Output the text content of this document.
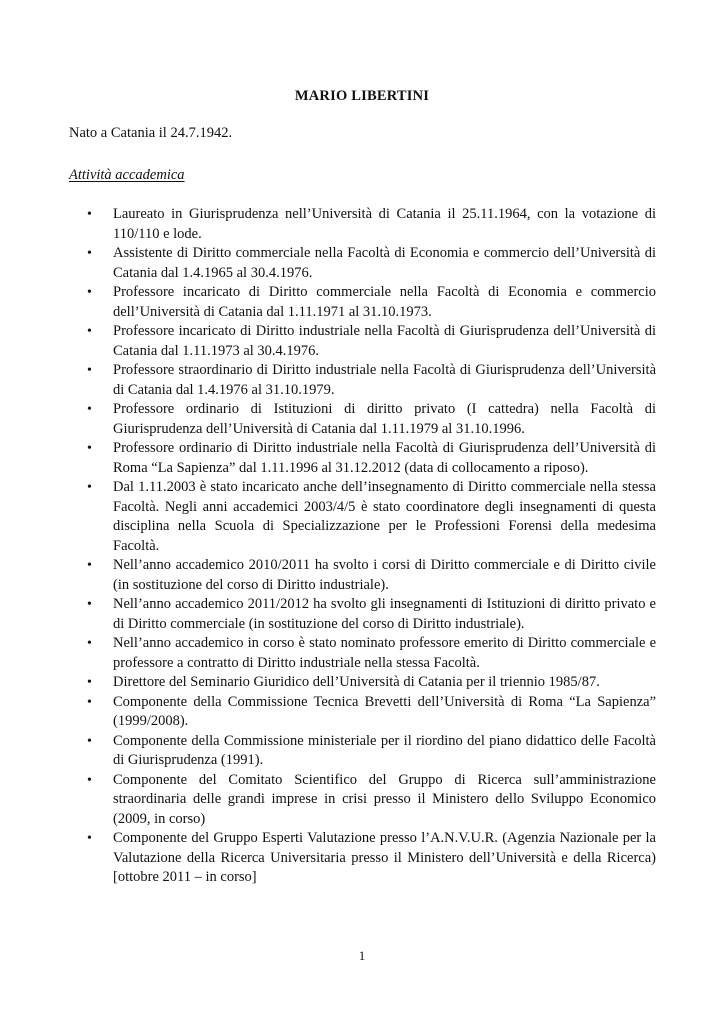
MARIO LIBERTINI
Nato a Catania il 24.7.1942.
Attività accademica
•	Laureato in Giurisprudenza nell’Università di Catania il 25.11.1964, con la votazione di 110/110 e lode.
•	Assistente di Diritto commerciale nella Facoltà di Economia e commercio dell’Università di Catania dal 1.4.1965 al 30.4.1976.
•	Professore incaricato di Diritto commerciale nella Facoltà di Economia e commercio dell’Università di Catania dal 1.11.1971 al 31.10.1973.
•	Professore incaricato di Diritto industriale nella Facoltà di Giurisprudenza dell’Università di Catania dal 1.11.1973 al 30.4.1976.
•	Professore straordinario di Diritto industriale nella Facoltà di Giurisprudenza dell’Università di Catania dal 1.4.1976 al 31.10.1979.
•	Professore ordinario di Istituzioni di diritto privato (I cattedra) nella Facoltà di Giurisprudenza dell’Università di Catania dal 1.11.1979 al 31.10.1996.
•	Professore ordinario di Diritto industriale nella Facoltà di Giurisprudenza dell’Università di Roma “La Sapienza” dal 1.11.1996 al 31.12.2012 (data di collocamento a riposo).
•	Dal 1.11.2003 è stato incaricato anche dell’insegnamento di Diritto commerciale nella stessa Facoltà. Negli anni accademici 2003/4/5 è stato coordinatore degli insegnamenti di questa disciplina nella Scuola di Specializzazione per le Professioni Forensi della medesima Facoltà.
•	Nell’anno accademico 2010/2011 ha svolto i corsi di Diritto commerciale e di Diritto civile (in sostituzione del corso di Diritto industriale).
•	Nell’anno accademico 2011/2012 ha svolto gli insegnamenti di Istituzioni di diritto privato e di Diritto commerciale (in sostituzione del corso di Diritto industriale).
•	Nell’anno accademico in corso è stato nominato professore emerito di Diritto commerciale e professore a contratto di Diritto industriale nella stessa Facoltà.
•	Direttore del Seminario Giuridico dell’Università di Catania per il triennio 1985/87.
•	Componente della Commissione Tecnica Brevetti dell’Università di Roma “La Sapienza” (1999/2008).
•	Componente della Commissione ministeriale per il riordino del piano didattico delle Facoltà di Giurisprudenza (1991).
•	Componente del Comitato Scientifico del Gruppo di Ricerca sull’amministrazione straordinaria delle grandi imprese in crisi presso il Ministero dello Sviluppo Economico (2009, in corso)
•	Componente del Gruppo Esperti Valutazione presso l’A.N.V.U.R. (Agenzia Nazionale per la Valutazione della Ricerca Universitaria presso il Ministero dell’Università e della Ricerca) [ottobre 2011 – in corso]
1
